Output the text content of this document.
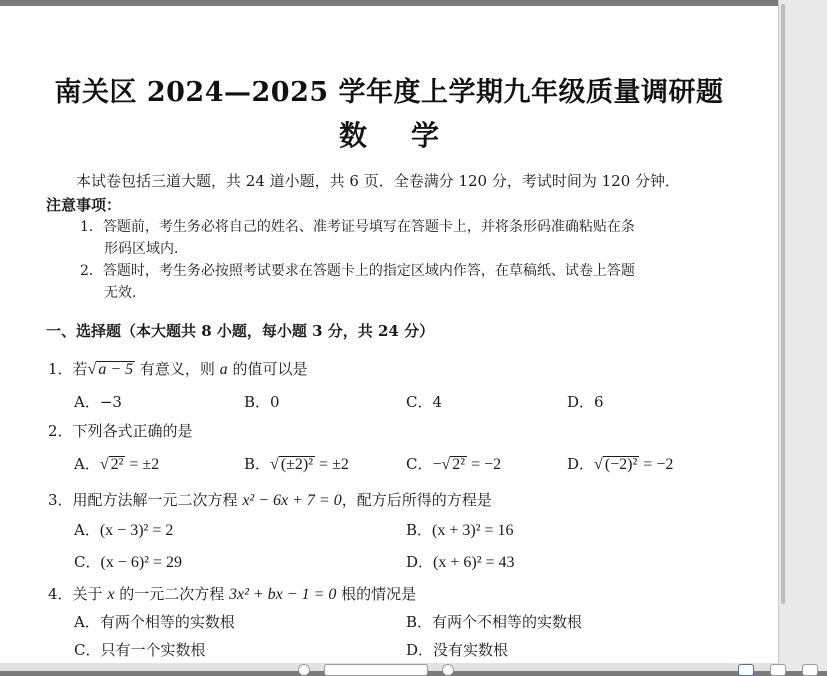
南关区 2024—2025 学年度上学期九年级质量调研题
数 学
本试卷包括三道大题，共 24 道小题，共 6 页．全卷满分 120 分，考试时间为 120 分钟．
注意事项：
1．答题前，考生务必将自己的姓名、准考证号填写在答题卡上，并将条形码准确粘贴在条
形码区域内．
2．答题时，考生务必按照考试要求在答题卡上的指定区域内作答，在草稿纸、试卷上答题
无效．
一、选择题（本大题共 8 小题，每小题 3 分，共 24 分）
1．若√ a − 5 有意义，则 a 的值可以是
A．−3	B．0	C．4	D．6
2．下列各式正确的是
A．√ 2² = ±2	B．√ (±2)² = ±2	C．−√ 2² = −2	D．√ (−2)² = −2
3．用配方法解一元二次方程 x² − 6x + 7 = 0，配方后所得的方程是
A．(x − 3)² = 2	B．(x + 3)² = 16
C．(x − 6)² = 29	D．(x + 6)² = 43
4．关于 x 的一元二次方程 3x² + bx − 1 = 0 根的情况是
A．有两个相等的实数根	B．有两个不相等的实数根
C．只有一个实数根	D．没有实数根
